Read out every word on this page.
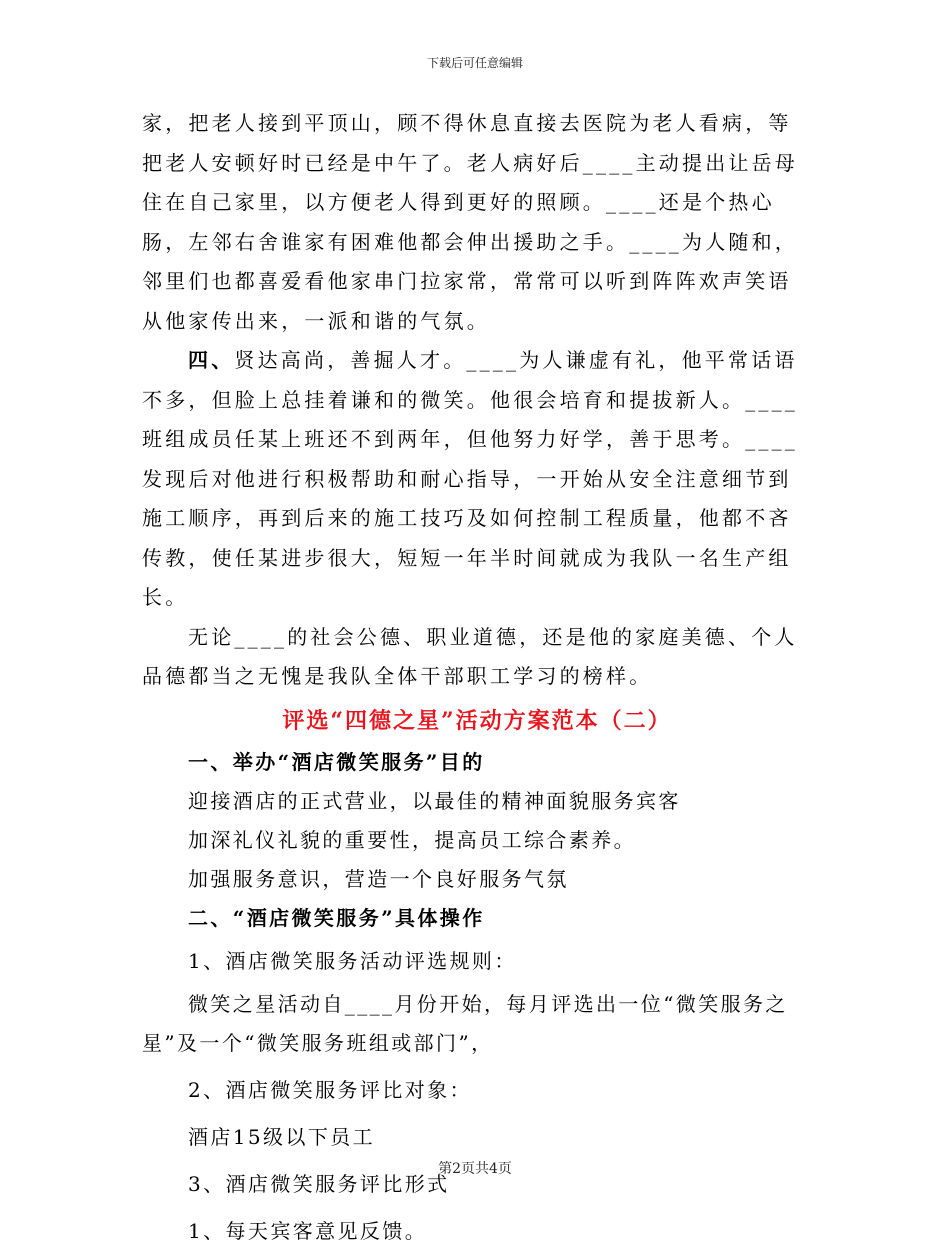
下载后可任意编辑

家，把老人接到平顶山，顾不得休息直接去医院为老人看病，等把老人安顿好时已经是中午了。老人病好后____主动提出让岳母住在自己家里，以方便老人得到更好的照顾。____还是个热心肠，左邻右舍谁家有困难他都会伸出援助之手。____为人随和，邻里们也都喜爱看他家串门拉家常，常常可以听到阵阵欢声笑语从他家传出来，一派和谐的气氛。

四、贤达高尚，善掘人才。____为人谦虚有礼，他平常话语不多，但脸上总挂着谦和的微笑。他很会培育和提拔新人。____班组成员任某上班还不到两年，但他努力好学，善于思考。____发现后对他进行积极帮助和耐心指导，一开始从安全注意细节到施工顺序，再到后来的施工技巧及如何控制工程质量，他都不吝传教，使任某进步很大，短短一年半时间就成为我队一名生产组长。

无论____的社会公德、职业道德，还是他的家庭美德、个人品德都当之无愧是我队全体干部职工学习的榜样。

评选“四德之星”活动方案范本（二）
一、举办“酒店微笑服务”目的
迎接酒店的正式营业，以最佳的精神面貌服务宾客
加深礼仪礼貌的重要性，提高员工综合素养。
加强服务意识，营造一个良好服务气氛
二、“酒店微笑服务”具体操作
1、酒店微笑服务活动评选规则：
微笑之星活动自____月份开始，每月评选出一位“微笑服务之
星”及一个“微笑服务班组或部门”，
2、酒店微笑服务评比对象：
酒店15级以下员工
3、酒店微笑服务评比形式
1、每天宾客意见反馈。
第2页共4页
